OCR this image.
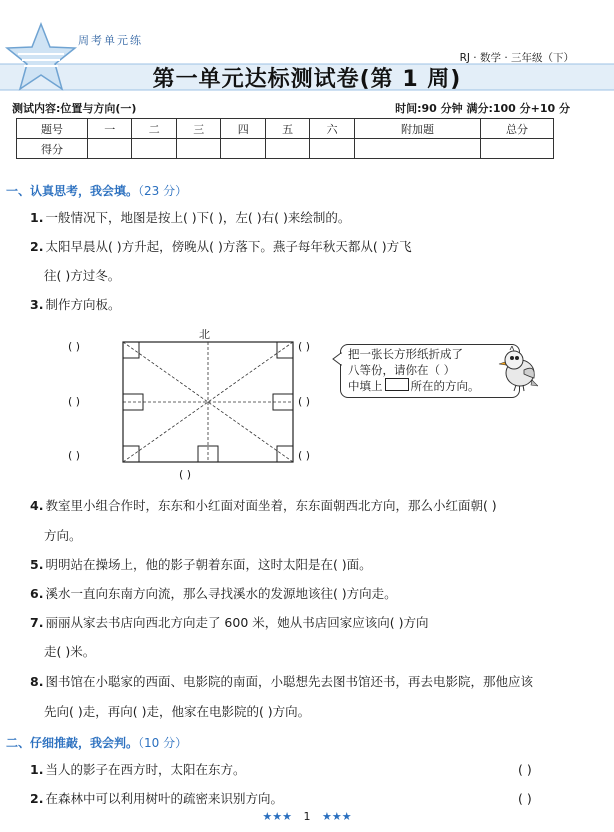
周考单元练
RJ · 数学 · 三年级（下）
第一单元达标测试卷(第 1 周)
测试内容:位置与方向(一)	时间:90 分钟 满分:100 分+10 分
题号	一	二	三	四	五	六	附加题	总分
得分								
一、认真思考，我会填。（23 分）
1. 一般情况下，地图是按上( )下( )，左( )右( )来绘制的。
2. 太阳早晨从( )方升起，傍晚从( )方落下。燕子每年秋天都从( )方飞
往( )方过冬。
3. 制作方向板。
北
( )
( )
( )
( )
( )
( )
( )
把一张长方形纸折成了
八等份，请你在（ ）
中填上 所在的方向。
4. 教室里小组合作时，东东和小红面对面坐着，东东面朝西北方向，那么小红面朝( )
方向。
5. 明明站在操场上，他的影子朝着东面，这时太阳是在( )面。
6. 溪水一直向东南方向流，那么寻找溪水的发源地该往( )方向走。
7. 丽丽从家去书店向西北方向走了 600 米，她从书店回家应该向( )方向
走( )米。
8. 图书馆在小聪家的西面、电影院的南面，小聪想先去图书馆还书，再去电影院，那他应该
先向( )走，再向( )走，他家在电影院的( )方向。
二、仔细推敲，我会判。（10 分）
1. 当人的影子在西方时，太阳在东方。	( )
2. 在森林中可以利用树叶的疏密来识别方向。	( )
★★★ 1 ★★★
